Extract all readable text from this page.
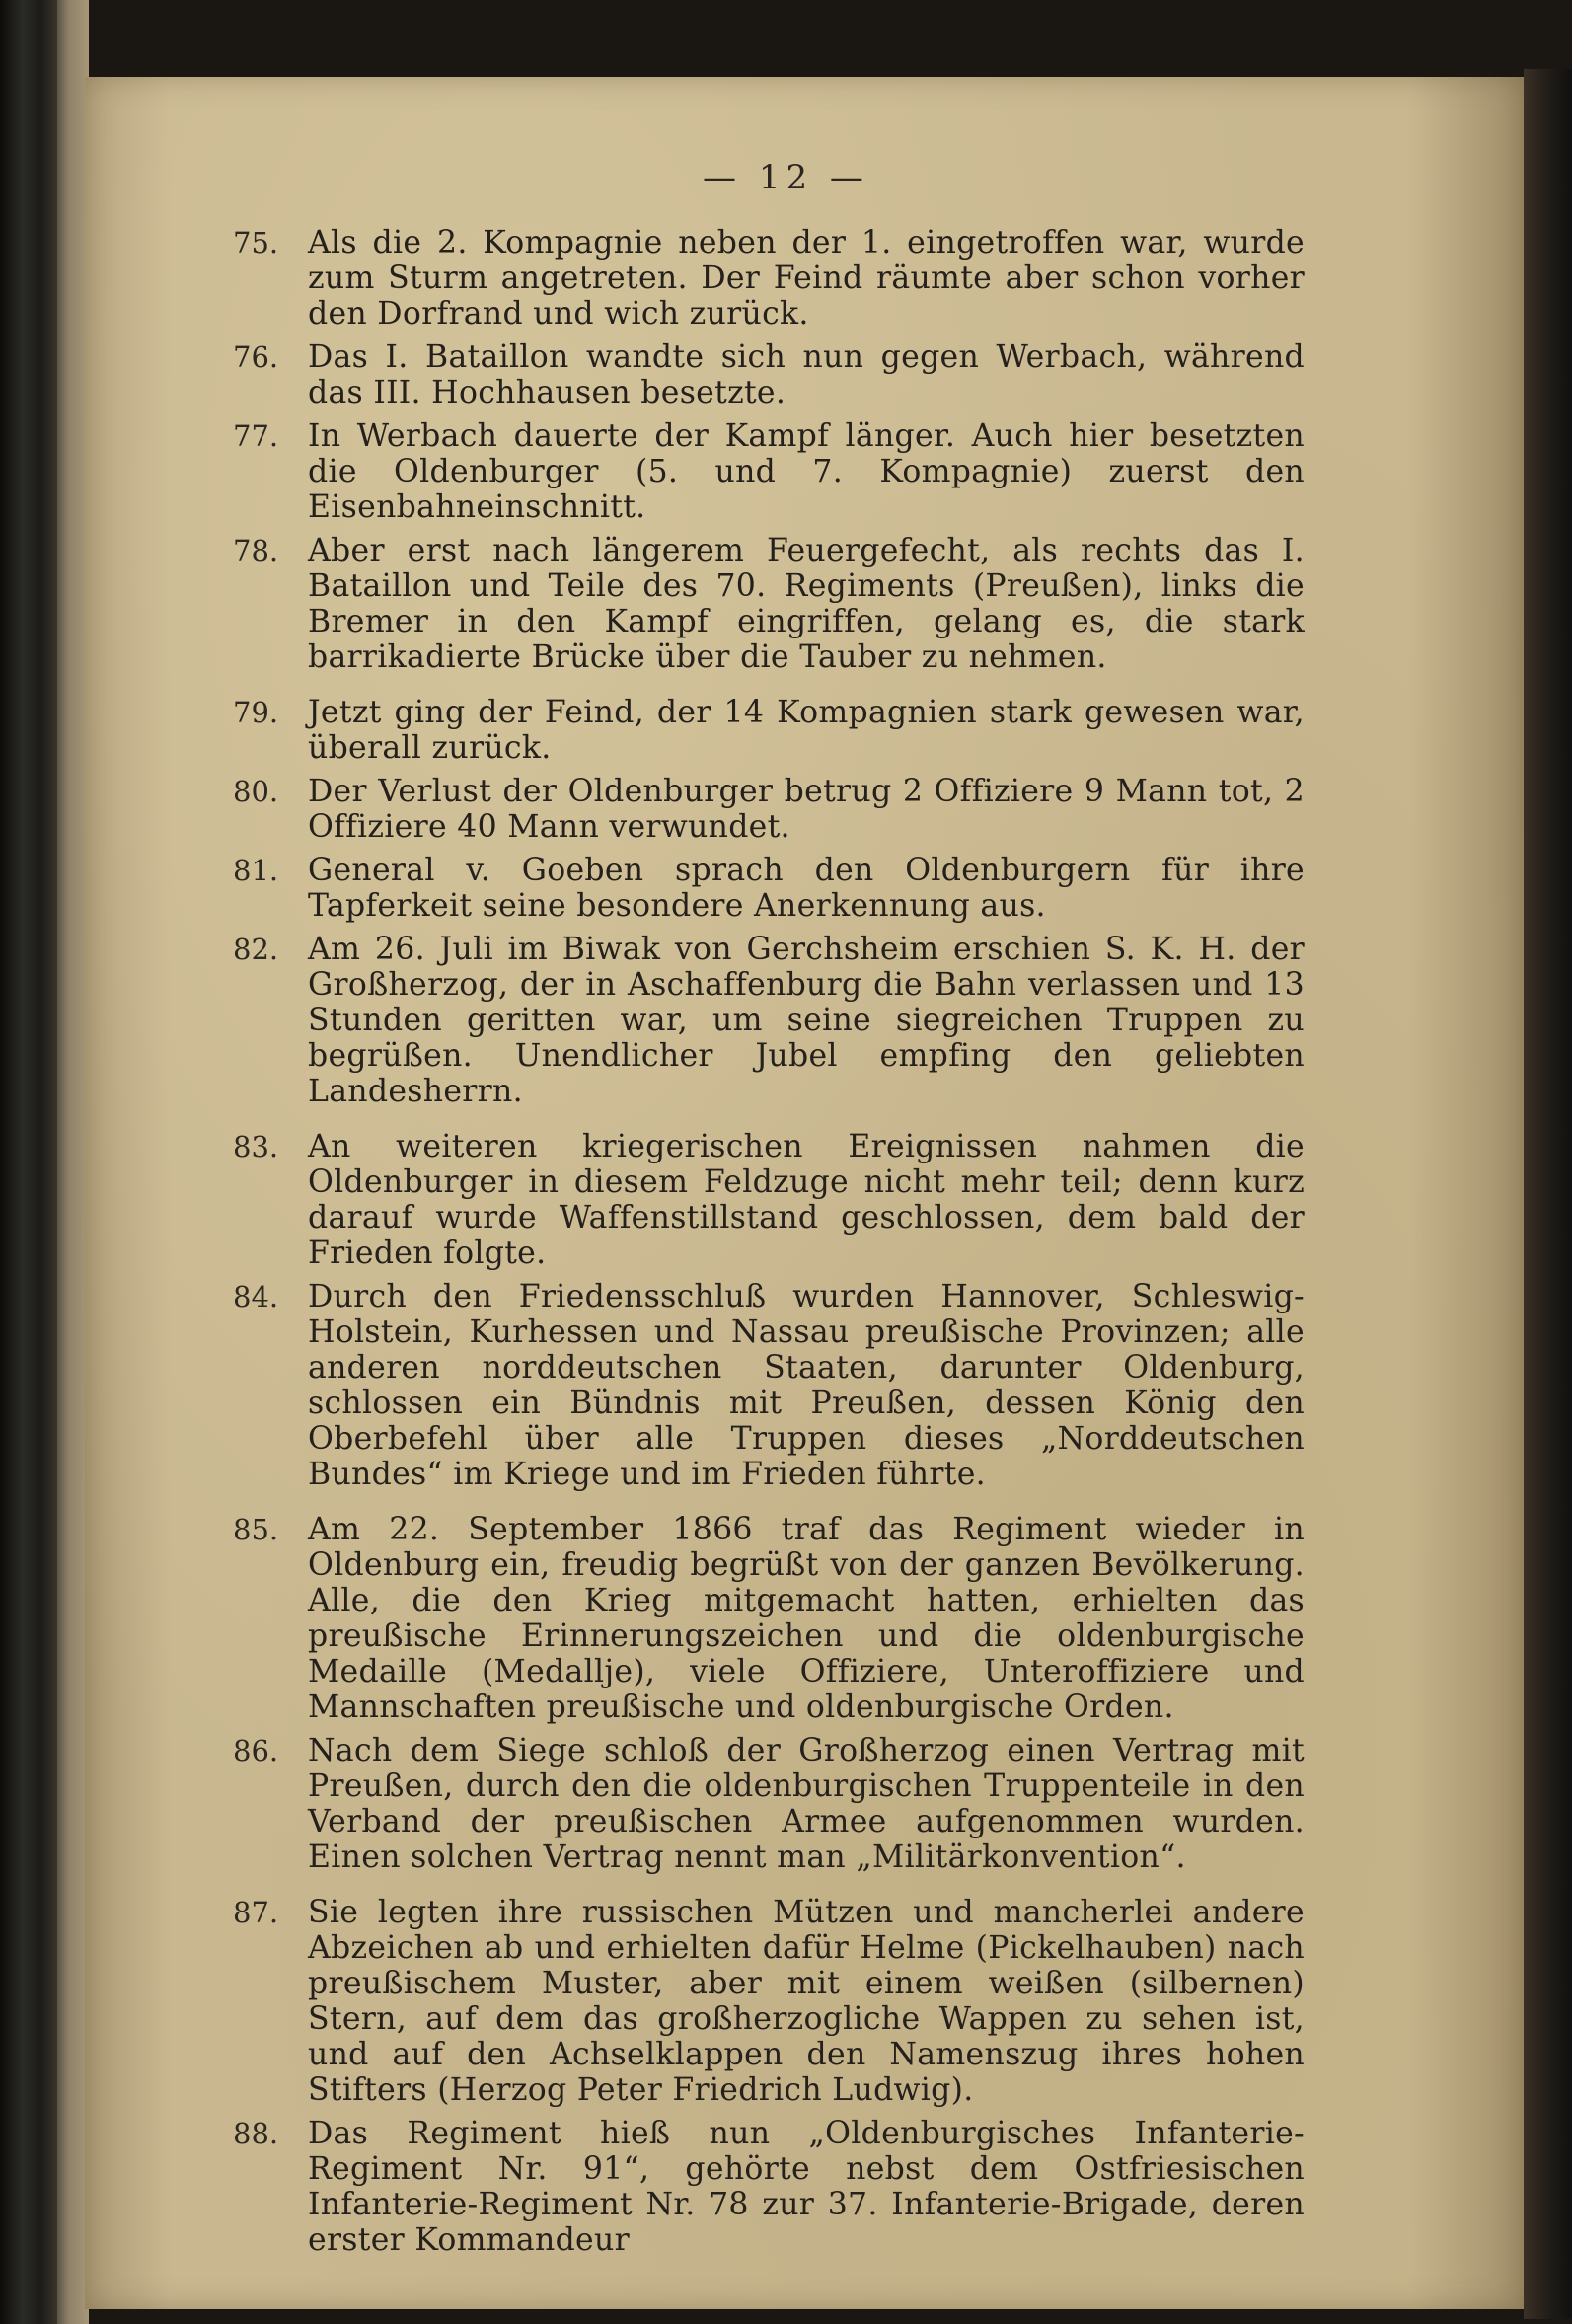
— 12 —
75. Als die 2. Kompagnie neben der 1. eingetroffen war, wurde zum Sturm angetreten. Der Feind räumte aber schon vorher den Dorfrand und wich zurück.
76. Das I. Bataillon wandte sich nun gegen Werbach, während das III. Hochhausen besetzte.
77. In Werbach dauerte der Kampf länger. Auch hier besetzten die Oldenburger (5. und 7. Kompagnie) zuerst den Eisenbahneinschnitt.
78. Aber erst nach längerem Feuergefecht, als rechts das I. Bataillon und Teile des 70. Regiments (Preußen), links die Bremer in den Kampf eingriffen, gelang es, die stark barrikadierte Brücke über die Tauber zu nehmen.
79. Jetzt ging der Feind, der 14 Kompagnien stark gewesen war, überall zurück.
80. Der Verlust der Oldenburger betrug 2 Offiziere 9 Mann tot, 2 Offiziere 40 Mann verwundet.
81. General v. Goeben sprach den Oldenburgern für ihre Tapferkeit seine besondere Anerkennung aus.
82. Am 26. Juli im Biwak von Gerchsheim erschien S. K. H. der Großherzog, der in Aschaffenburg die Bahn verlassen und 13 Stunden geritten war, um seine siegreichen Truppen zu begrüßen. Unendlicher Jubel empfing den geliebten Landesherrn.
83. An weiteren kriegerischen Ereignissen nahmen die Oldenburger in diesem Feldzuge nicht mehr teil; denn kurz darauf wurde Waffenstillstand geschlossen, dem bald der Frieden folgte.
84. Durch den Friedensschluß wurden Hannover, Schleswig-Holstein, Kurhessen und Nassau preußische Provinzen; alle anderen norddeutschen Staaten, darunter Oldenburg, schlossen ein Bündnis mit Preußen, dessen König den Oberbefehl über alle Truppen dieses „Norddeutschen Bundes“ im Kriege und im Frieden führte.
85. Am 22. September 1866 traf das Regiment wieder in Oldenburg ein, freudig begrüßt von der ganzen Bevölkerung. Alle, die den Krieg mitgemacht hatten, erhielten das preußische Erinnerungszeichen und die oldenburgische Medaille (Medallje), viele Offiziere, Unteroffiziere und Mannschaften preußische und oldenburgische Orden.
86. Nach dem Siege schloß der Großherzog einen Vertrag mit Preußen, durch den die oldenburgischen Truppenteile in den Verband der preußischen Armee aufgenommen wurden. Einen solchen Vertrag nennt man „Militärkonvention“.
87. Sie legten ihre russischen Mützen und mancherlei andere Abzeichen ab und erhielten dafür Helme (Pickelhauben) nach preußischem Muster, aber mit einem weißen (silbernen) Stern, auf dem das großherzogliche Wappen zu sehen ist, und auf den Achselklappen den Namenszug ihres hohen Stifters (Herzog Peter Friedrich Ludwig).
88. Das Regiment hieß nun „Oldenburgisches Infanterie-Regiment Nr. 91“, gehörte nebst dem Ostfriesischen Infanterie-Regiment Nr. 78 zur 37. Infanterie-Brigade, deren erster Kommandeur
